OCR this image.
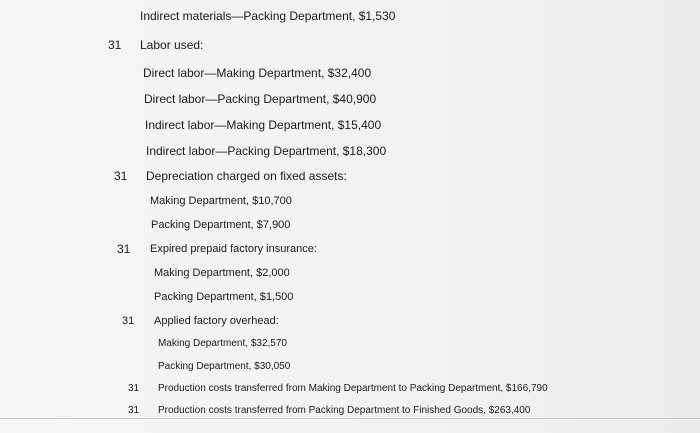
Indirect materials—Packing Department, $1,530
31 Labor used:
Direct labor—Making Department, $32,400
Direct labor—Packing Department, $40,900
Indirect labor—Making Department, $15,400
Indirect labor—Packing Department, $18,300
31 Depreciation charged on fixed assets:
Making Department, $10,700
Packing Department, $7,900
31 Expired prepaid factory insurance:
Making Department, $2,000
Packing Department, $1,500
31 Applied factory overhead:
Making Department, $32,570
Packing Department, $30,050
31 Production costs transferred from Making Department to Packing Department, $166,790
31 Production costs transferred from Packing Department to Finished Goods, $263,400
